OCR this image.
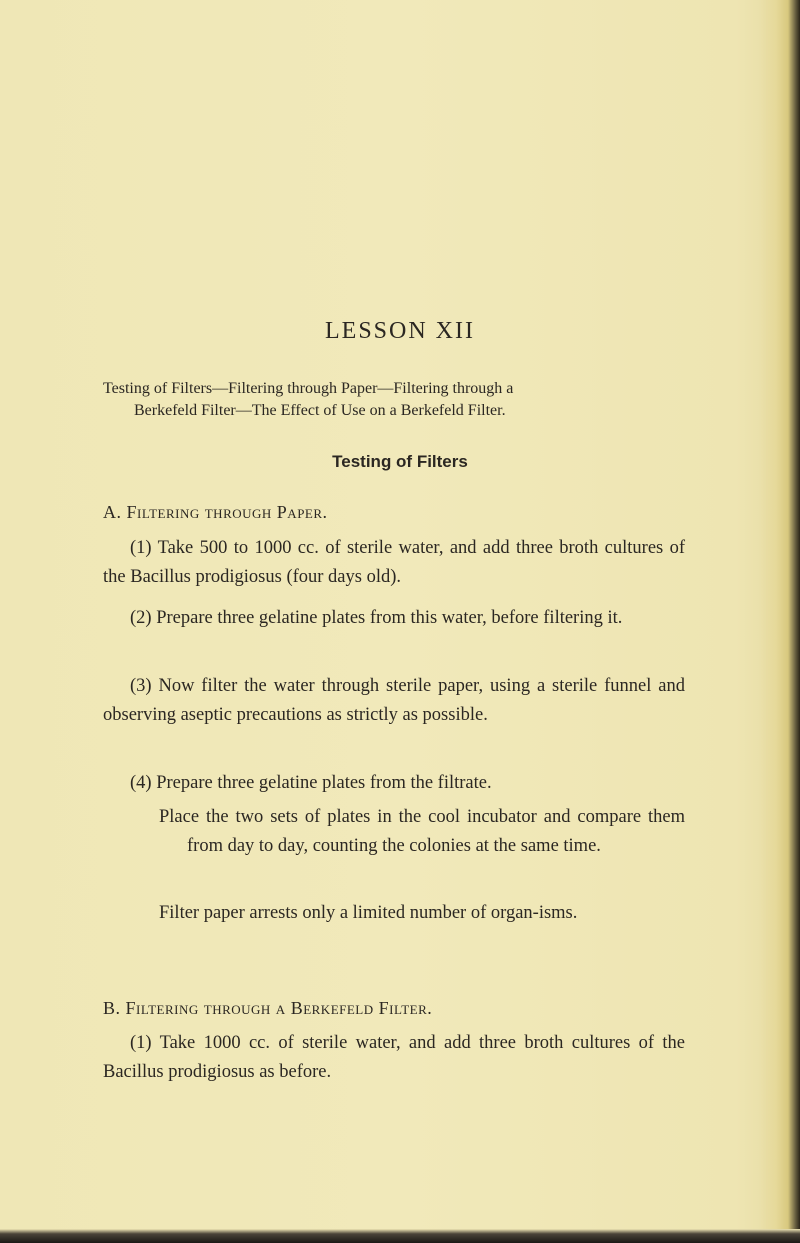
LESSON XII

Testing of Filters—Filtering through Paper—Filtering through a
Berkefeld Filter—The Effect of Use on a Berkefeld Filter.

Testing of Filters

A. Filtering through Paper.

(1) Take 500 to 1000 cc. of sterile water, and add three broth cultures of the Bacillus prodigiosus (four days old).

(2) Prepare three gelatine plates from this water, before filtering it.

(3) Now filter the water through sterile paper, using a sterile funnel and observing aseptic precautions as strictly as possible.

(4) Prepare three gelatine plates from the filtrate.

Place the two sets of plates in the cool incubator and compare them from day to day, counting the colonies at the same time.

Filter paper arrests only a limited number of organ-isms.

B. Filtering through a Berkefeld Filter.

(1) Take 1000 cc. of sterile water, and add three broth cultures of the Bacillus prodigiosus as before.
